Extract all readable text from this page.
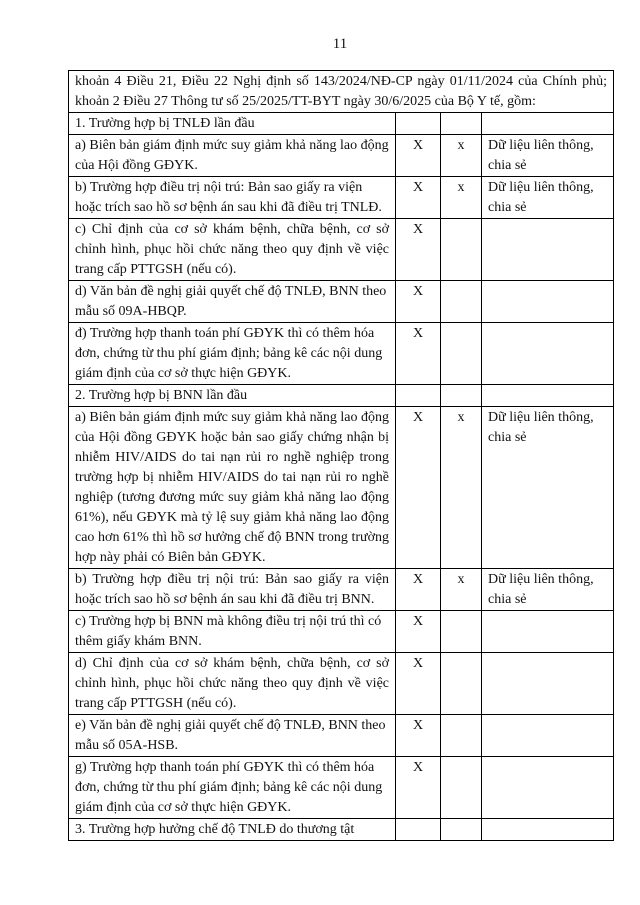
11
khoản 4 Điều 21, Điều 22 Nghị định số 143/2024/NĐ-CP ngày 01/11/2024 của Chính phủ; khoản 2 Điều 27 Thông tư số 25/2025/TT-BYT ngày 30/6/2025 của Bộ Y tế, gồm:			
1. Trường hợp bị TNLĐ lần đầu			
a) Biên bản giám định mức suy giảm khả năng lao động của Hội đồng GĐYK.	X	x	Dữ liệu liên thông, chia sẻ
b) Trường hợp điều trị nội trú: Bản sao giấy ra viện hoặc trích sao hồ sơ bệnh án sau khi đã điều trị TNLĐ.	X	x	Dữ liệu liên thông, chia sẻ
c) Chỉ định của cơ sở khám bệnh, chữa bệnh, cơ sở chỉnh hình, phục hồi chức năng theo quy định về việc trang cấp PTTGSH (nếu có).	X		
d) Văn bản đề nghị giải quyết chế độ TNLĐ, BNN theo mẫu số 09A-HBQP.	X		
đ) Trường hợp thanh toán phí GĐYK thì có thêm hóa đơn, chứng từ thu phí giám định; bảng kê các nội dung giám định của cơ sở thực hiện GĐYK.	X		
2. Trường hợp bị BNN lần đầu			
a) Biên bản giám định mức suy giảm khả năng lao động của Hội đồng GĐYK hoặc bản sao giấy chứng nhận bị nhiễm HIV/AIDS do tai nạn rủi ro nghề nghiệp trong trường hợp bị nhiễm HIV/AIDS do tai nạn rủi ro nghề nghiệp (tương đương mức suy giảm khả năng lao động 61%), nếu GĐYK mà tỷ lệ suy giảm khả năng lao động cao hơn 61% thì hồ sơ hưởng chế độ BNN trong trường hợp này phải có Biên bản GĐYK.	X	x	Dữ liệu liên thông, chia sẻ
b) Trường hợp điều trị nội trú: Bản sao giấy ra viện hoặc trích sao hồ sơ bệnh án sau khi đã điều trị BNN.	X	x	Dữ liệu liên thông, chia sẻ
c) Trường hợp bị BNN mà không điều trị nội trú thì có thêm giấy khám BNN.	X		
d) Chỉ định của cơ sở khám bệnh, chữa bệnh, cơ sở chỉnh hình, phục hồi chức năng theo quy định về việc trang cấp PTTGSH (nếu có).	X		
e) Văn bản đề nghị giải quyết chế độ TNLĐ, BNN theo mẫu số 05A-HSB.	X		
g) Trường hợp thanh toán phí GĐYK thì có thêm hóa đơn, chứng từ thu phí giám định; bảng kê các nội dung giám định của cơ sở thực hiện GĐYK.	X		
3. Trường hợp hưởng chế độ TNLĐ do thương tật			
